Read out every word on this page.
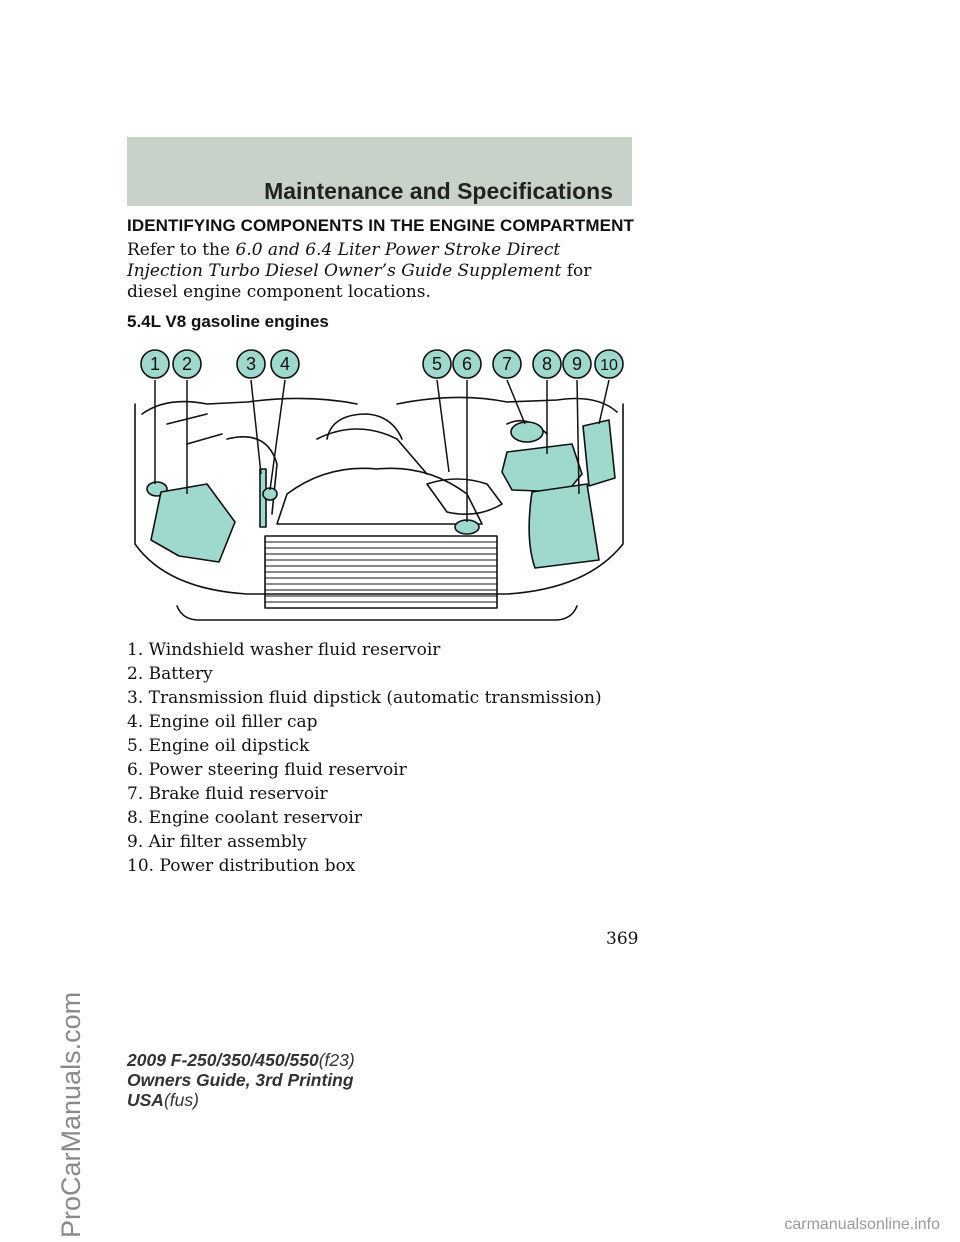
Maintenance and Specifications
IDENTIFYING COMPONENTS IN THE ENGINE COMPARTMENT
Refer to the 6.0 and 6.4 Liter Power Stroke Direct Injection Turbo Diesel Owner’s Guide Supplement for diesel engine component locations.
5.4L V8 gasoline engines
1 2	3 4	5 6 7 8 9 10
1. Windshield washer fluid reservoir
2. Battery
3. Transmission fluid dipstick (automatic transmission)
4. Engine oil filler cap
5. Engine oil dipstick
6. Power steering fluid reservoir
7. Brake fluid reservoir
8. Engine coolant reservoir
9. Air filter assembly
10. Power distribution box
369
2009 F-250/350/450/550(f23)
Owners Guide, 3rd Printing
USA(fus)
ProCarManuals.com	carmanualsonline.info
